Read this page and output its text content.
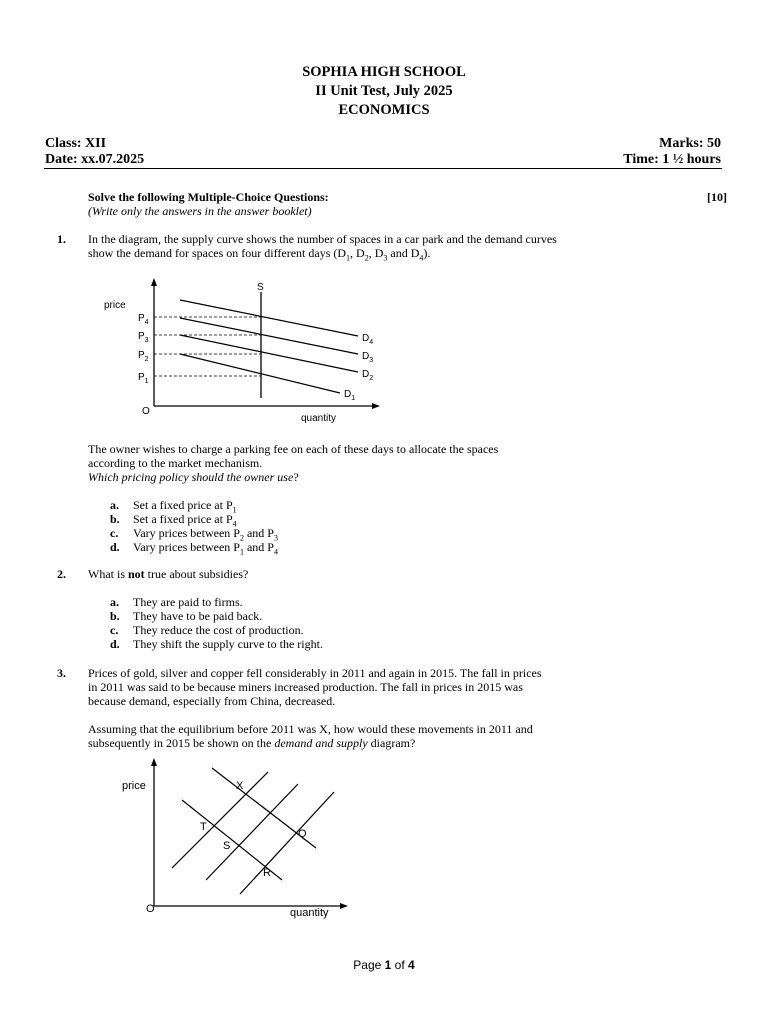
SOPHIA HIGH SCHOOL
II Unit Test, July 2025
ECONOMICS
Class: XII
Date: xx.07.2025
Marks: 50
Time: 1 ½ hours
Solve the following Multiple-Choice Questions:
(Write only the answers in the answer booklet)
[10]
1. In the diagram, the supply curve shows the number of spaces in a car park and the demand curves
show the demand for spaces on four different days ($D_1$, $D_2$, $D_3$ and $D_4$).
price
quantity
O
S
$P_4$
$P_3$
$P_2$
$P_1$
$D_4$
$D_3$
$D_2$
$D_1$
The owner wishes to charge a parking fee on each of these days to allocate the spaces
according to the market mechanism.
Which pricing policy should the owner use?
a. Set a fixed price at $P_1$
b. Set a fixed price at $P_4$
c. Vary prices between $P_2$ and $P_3$
d. Vary prices between $P_1$ and $P_4$
2. What is not true about subsidies?
a. They are paid to firms.
b. They have to be paid back.
c. They reduce the cost of production.
d. They shift the supply curve to the right.
3. Prices of gold, silver and copper fell considerably in 2011 and again in 2015. The fall in prices
in 2011 was said to be because miners increased production. The fall in prices in 2015 was
because demand, especially from China, decreased.
Assuming that the equilibrium before 2011 was X, how would these movements in 2011 and
subsequently in 2015 be shown on the demand and supply diagram?
price
quantity
O
X
T
S
Q
R
Page 1 of 4
